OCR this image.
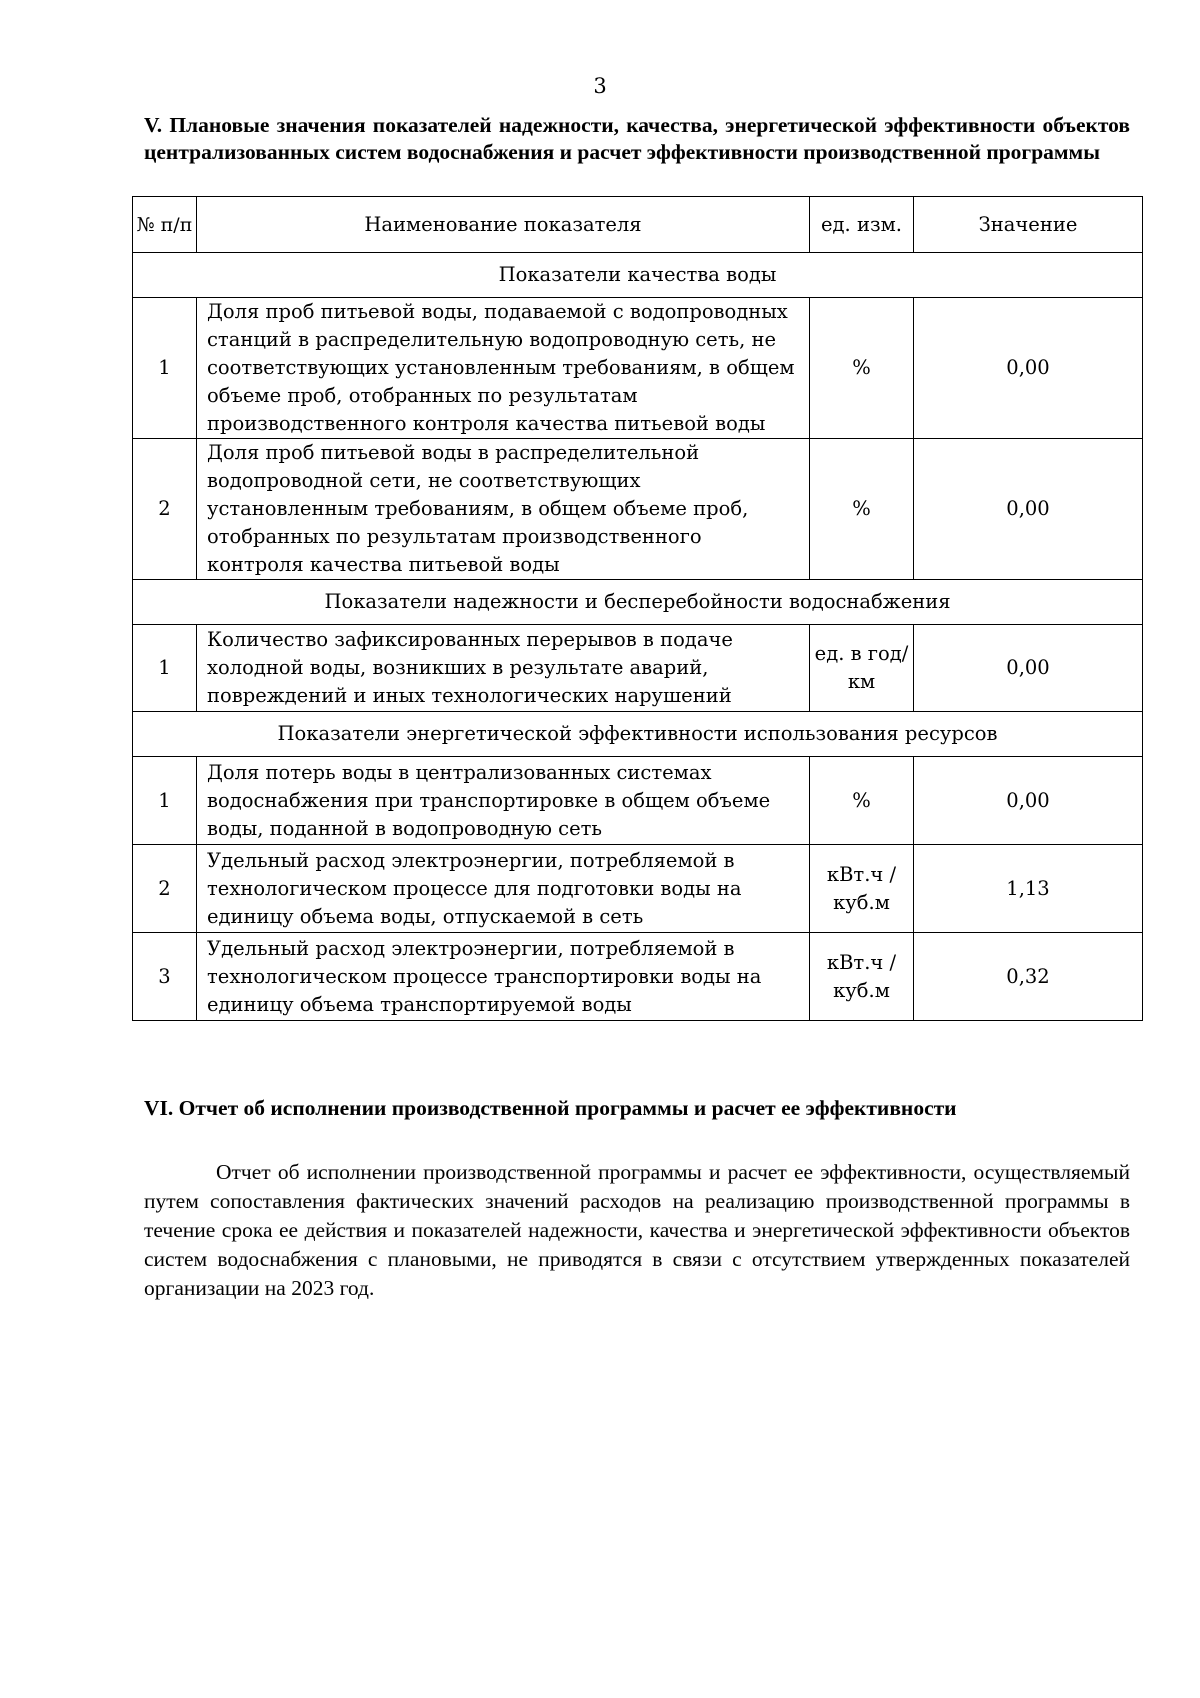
3
V. Плановые значения показателей надежности, качества, энергетической эффективности объектов централизованных систем водоснабжения и расчет эффективности производственной программы
№ п/п	Наименование показателя	ед. изм.	Значение
Показатели качества воды			
1	Доля проб питьевой воды, подаваемой с водопроводных станций в распределительную водопроводную сеть, не соответствующих установленным требованиям, в общем объеме проб, отобранных по результатам производственного контроля качества питьевой воды	%	0,00
2	Доля проб питьевой воды в распределительной водопроводной сети, не соответствующих установленным требованиям, в общем объеме проб, отобранных по результатам производственного контроля качества питьевой воды	%	0,00
Показатели надежности и бесперебойности водоснабжения			
1	Количество зафиксированных перерывов в подаче холодной воды, возникших в результате аварий, повреждений и иных технологических нарушений	ед. в год/ км	0,00
Показатели энергетической эффективности использования ресурсов			
1	Доля потерь воды в централизованных системах водоснабжения при транспортировке в общем объеме воды, поданной в водопроводную сеть	%	0,00
2	Удельный расход электроэнергии, потребляемой в технологическом процессе для подготовки воды на единицу объема воды, отпускаемой в сеть	кВт.ч / куб.м	1,13
3	Удельный расход электроэнергии, потребляемой в технологическом процессе транспортировки воды на единицу объема транспортируемой воды	кВт.ч / куб.м	0,32
VI. Отчет об исполнении производственной программы и расчет ее эффективности
Отчет об исполнении производственной программы и расчет ее эффективности, осуществляемый путем сопоставления фактических значений расходов на реализацию производственной программы в течение срока ее действия и показателей надежности, качества и энергетической эффективности объектов систем водоснабжения с плановыми, не приводятся в связи с отсутствием утвержденных показателей организации на 2023 год.
